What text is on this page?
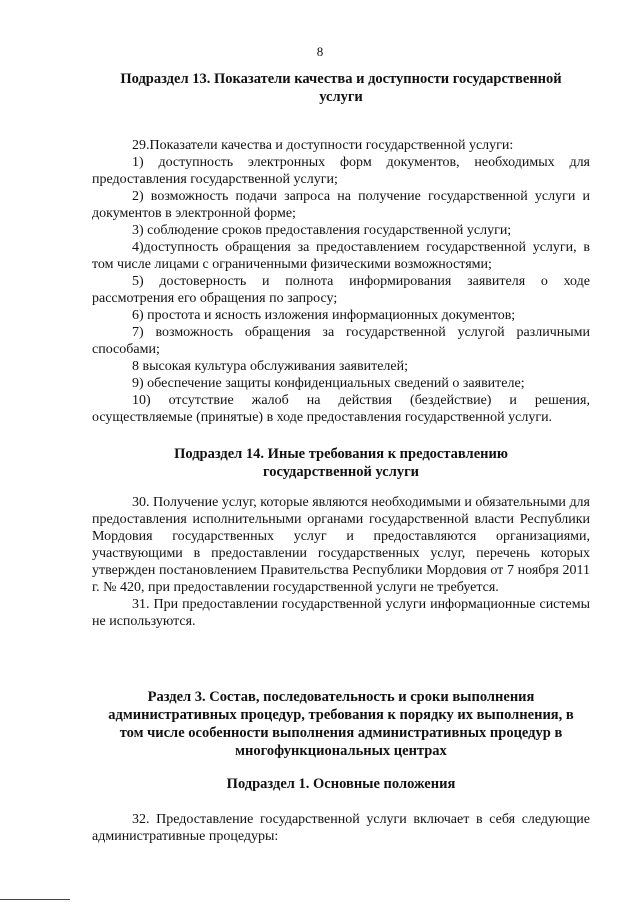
8
Подраздел 13. Показатели качества и доступности государственной
услуги

29.Показатели качества и доступности государственной услуги:

1) доступность электронных форм документов, необходимых для предоставления государственной услуги;

2) возможность подачи запроса на получение государственной услуги и документов в электронной форме;

3) соблюдение сроков предоставления государственной услуги;

4)доступность обращения за предоставлением государственной услуги, в том числе лицами с ограниченными физическими возможностями;

5) достоверность и полнота информирования заявителя о ходе рассмотрения его обращения по запросу;

6) простота и ясность изложения информационных документов;

7) возможность обращения за государственной услугой различными способами;

8 высокая культура обслуживания заявителей;

9) обеспечение защиты конфиденциальных сведений о заявителе;

10) отсутствие жалоб на действия (бездействие) и решения, осуществляемые (принятые) в ходе предоставления государственной услуги.

Подраздел 14. Иные требования к предоставлению
государственной услуги

30. Получение услуг, которые являются необходимыми и обязательными для предоставления исполнительными органами государственной власти Республики Мордовия государственных услуг и предоставляются организациями, участвующими в предоставлении государственных услуг, перечень которых утвержден постановлением Правительства Республики Мордовия от 7 ноября 2011 г. № 420, при предоставлении государственной услуги не требуется.

31. При предоставлении государственной услуги информационные системы не используются.

Раздел 3. Состав, последовательность и сроки выполнения
административных процедур, требования к порядку их выполнения, в
том числе особенности выполнения административных процедур в
многофункциональных центрах
Подраздел 1. Основные положения

32. Предоставление государственной услуги включает в себя следующие административные процедуры:
